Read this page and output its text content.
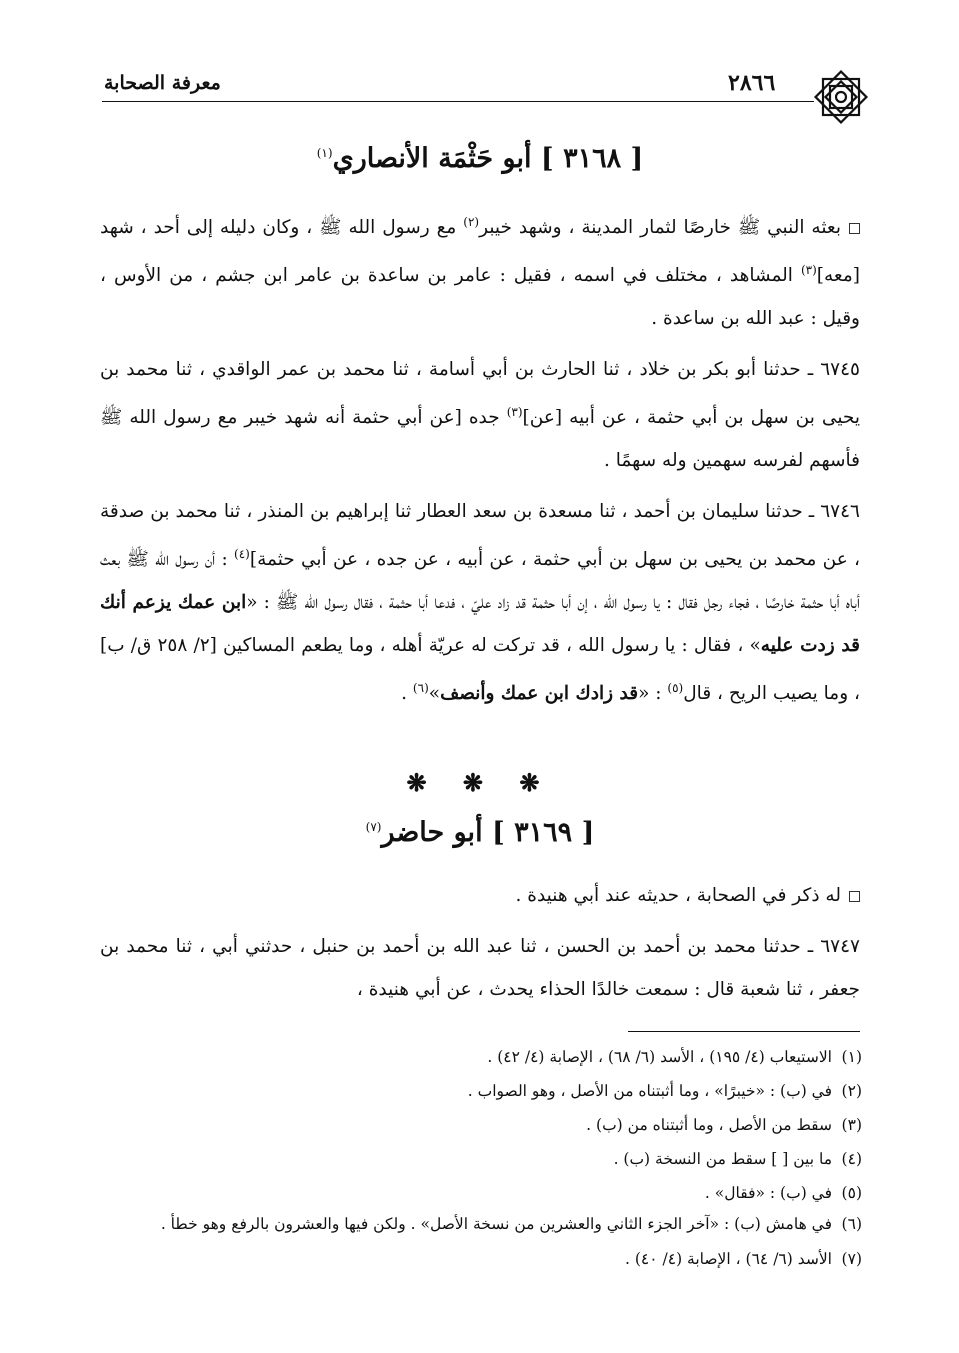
معرفة الصحابة	٢٨٦٦
[ ٣١٦٨ ] أبو حَثْمَة الأنصاري$^{(١)}$
بعثه النبي ﷺ خارصًا لثمار المدينة ، وشهد خيبر$^{(٢)}$ مع رسول الله ﷺ ، وكان دليله إلى أحد ، شهد [معه]$^{(٣)}$ المشاهد ، مختلف في اسمه ، فقيل : عامر بن ساعدة بن عامر ابن جشم ، من الأوس ، وقيل : عبد الله بن ساعدة .
٦٧٤٥ ـ حدثنا أبو بكر بن خلاد ، ثنا الحارث بن أبي أسامة ، ثنا محمد بن عمر الواقدي ، ثنا محمد بن يحيى بن سهل بن أبي حثمة ، عن أبيه [عن]$^{(٣)}$ جده [عن أبي حثمة أنه شهد خيبر مع رسول الله ﷺ فأسهم لفرسه سهمين وله سهمًا .
٦٧٤٦ ـ حدثنا سليمان بن أحمد ، ثنا مسعدة بن سعد العطار ثنا إبراهيم بن المنذر ، ثنا محمد بن صدقة ، عن محمد بن يحيى بن سهل بن أبي حثمة ، عن أبيه ، عن جده ، عن أبي حثمة]$^{(٤)}$ : أن رسول الله ﷺ بعث أباه أبا حثمة خارصًا ، فجاء رجل فقال : يا رسول الله ، إن أبا حثمة قد زاد عليّ ، فدعا أبا حثمة ، فقال رسول الله ﷺ : «ابن عمك يزعم أنك قد زدت عليه» ، فقال : يا رسول الله ، قد تركت له عريّة أهله ، وما يطعم المساكين [٢/ ٢٥٨ ق/ ب] ، وما يصيب الريح ، قال$^{(٥)}$ : «قد زادك ابن عمك وأنصف»$^{(٦)}$ .
❋ ❋ ❋
[ ٣١٦٩ ] أبو حاضر$^{(٧)}$
له ذكر في الصحابة ، حديثه عند أبي هنيدة .
٦٧٤٧ ـ حدثنا محمد بن أحمد بن الحسن ، ثنا عبد الله بن أحمد بن حنبل ، حدثني أبي ، ثنا محمد بن جعفر ، ثنا شعبة قال : سمعت خالدًا الحذاء يحدث ، عن أبي هنيدة ،
(١)الاستيعاب (٤/ ١٩٥) ، الأسد (٦/ ٦٨) ، الإصابة (٤/ ٤٢) .
(٢)في (ب) : «خيبرًا» ، وما أثبتناه من الأصل ، وهو الصواب .
(٣)سقط من الأصل ، وما أثبتناه من (ب) .
(٤)ما بين [ ] سقط من النسخة (ب) .
(٥)في (ب) : «فقال» .
(٦)في هامش (ب) : «آخر الجزء الثاني والعشرين من نسخة الأصل» . ولكن فيها والعشرون بالرفع وهو خطأ .
(٧)الأسد (٦/ ٦٤) ، الإصابة (٤/ ٤٠) .
